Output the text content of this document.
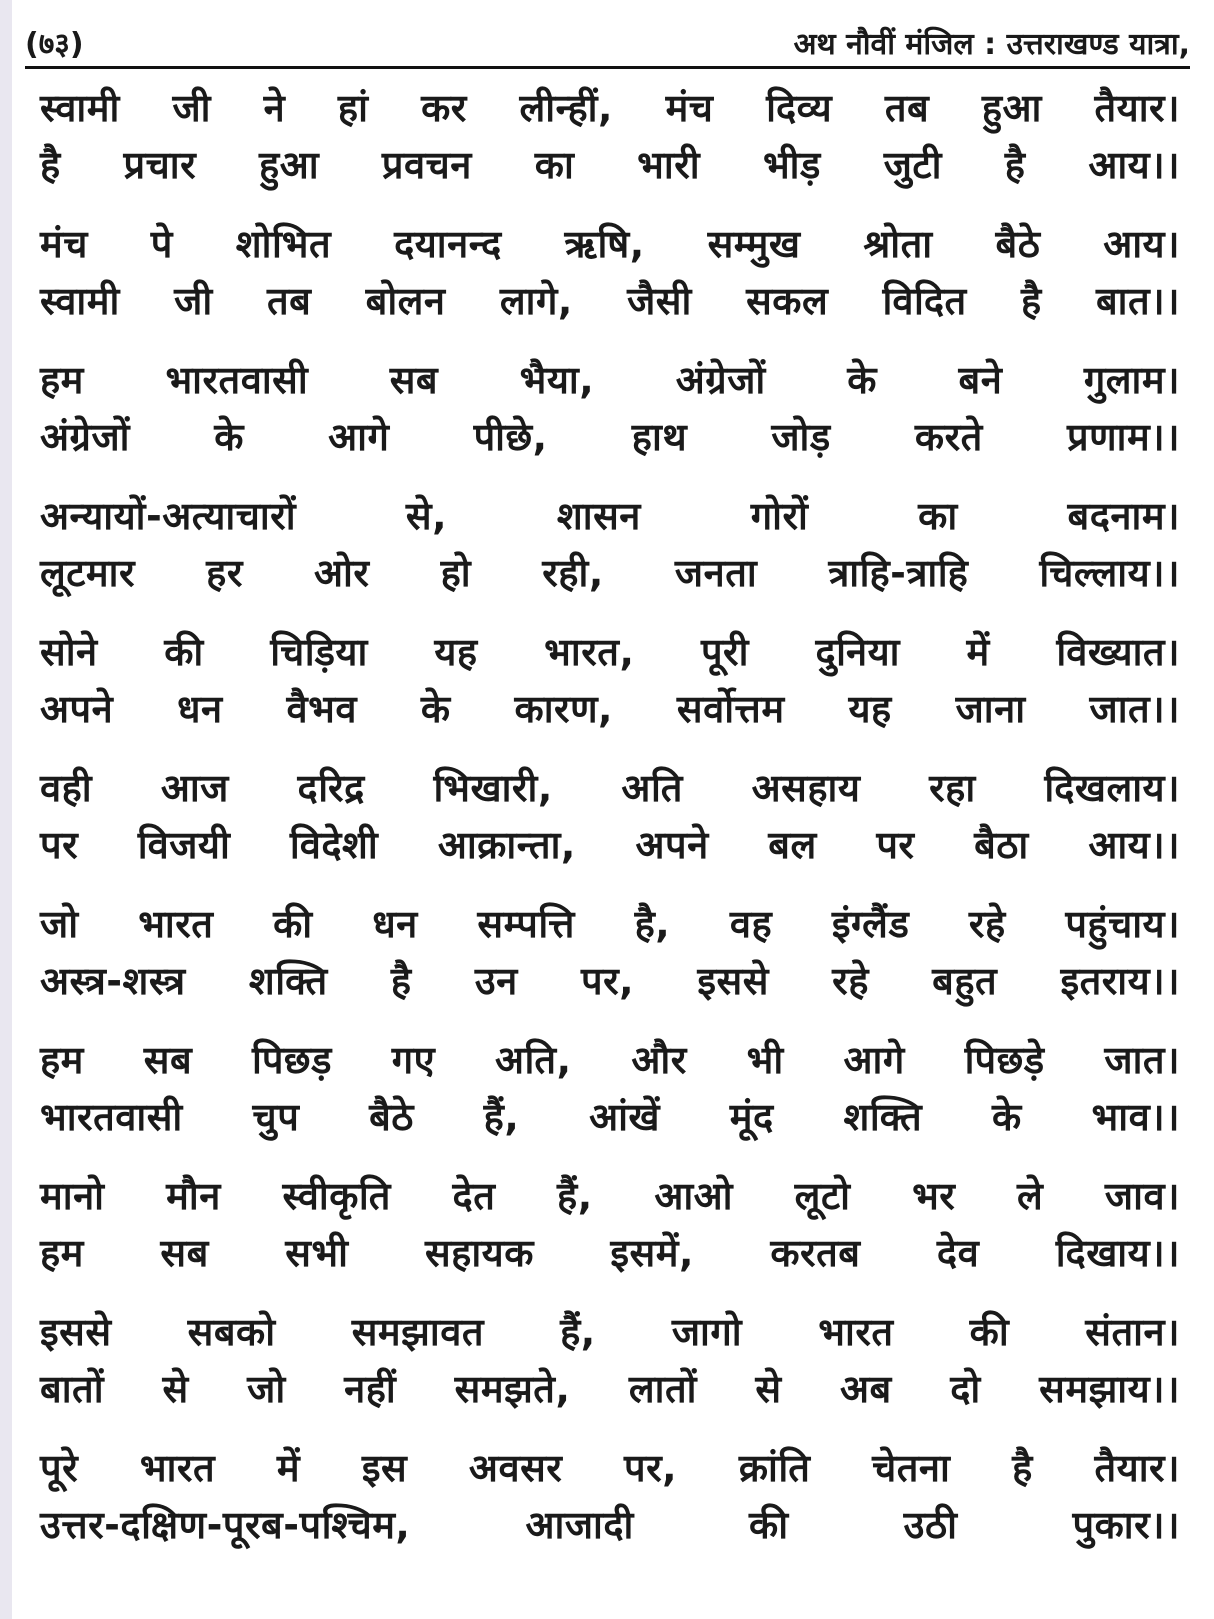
(७३)	अथ नौवीं मंजिल : उत्तराखण्ड यात्रा,
स्वामी जी ने हां कर लीन्हीं, मंच दिव्य तब हुआ तैयार।
है प्रचार हुआ प्रवचन का भारी भीड़ जुटी है आय।।
मंच पे शोभित दयानन्द ऋषि, सम्मुख श्रोता बैठे आय।
स्वामी जी तब बोलन लागे, जैसी सकल विदित है बात।।
हम भारतवासी सब भैया, अंग्रेजों के बने गुलाम।
अंग्रेजों के आगे पीछे, हाथ जोड़ करते प्रणाम।।
अन्यायों-अत्याचारों से, शासन गोरों का बदनाम।
लूटमार हर ओर हो रही, जनता त्राहि-त्राहि चिल्लाय।।
सोने की चिड़िया यह भारत, पूरी दुनिया में विख्यात।
अपने धन वैभव के कारण, सर्वोत्तम यह जाना जात।।
वही आज दरिद्र भिखारी, अति असहाय रहा दिखलाय।
पर विजयी विदेशी आक्रान्ता, अपने बल पर बैठा आय।।
जो भारत की धन सम्पत्ति है, वह इंग्लैंड रहे पहुंचाय।
अस्त्र-शस्त्र शक्ति है उन पर, इससे रहे बहुत इतराय।।
हम सब पिछड़ गए अति, और भी आगे पिछड़े जात।
भारतवासी चुप बैठे हैं, आंखें मूंद शक्ति के भाव।।
मानो मौन स्वीकृति देत हैं, आओ लूटो भर ले जाव।
हम सब सभी सहायक इसमें, करतब देव दिखाय।।
इससे सबको समझावत हैं, जागो भारत की संतान।
बातों से जो नहीं समझते, लातों से अब दो समझाय।।
पूरे भारत में इस अवसर पर, क्रांति चेतना है तैयार।
उत्तर-दक्षिण-पूरब-पश्चिम, आजादी की उठी पुकार।।
